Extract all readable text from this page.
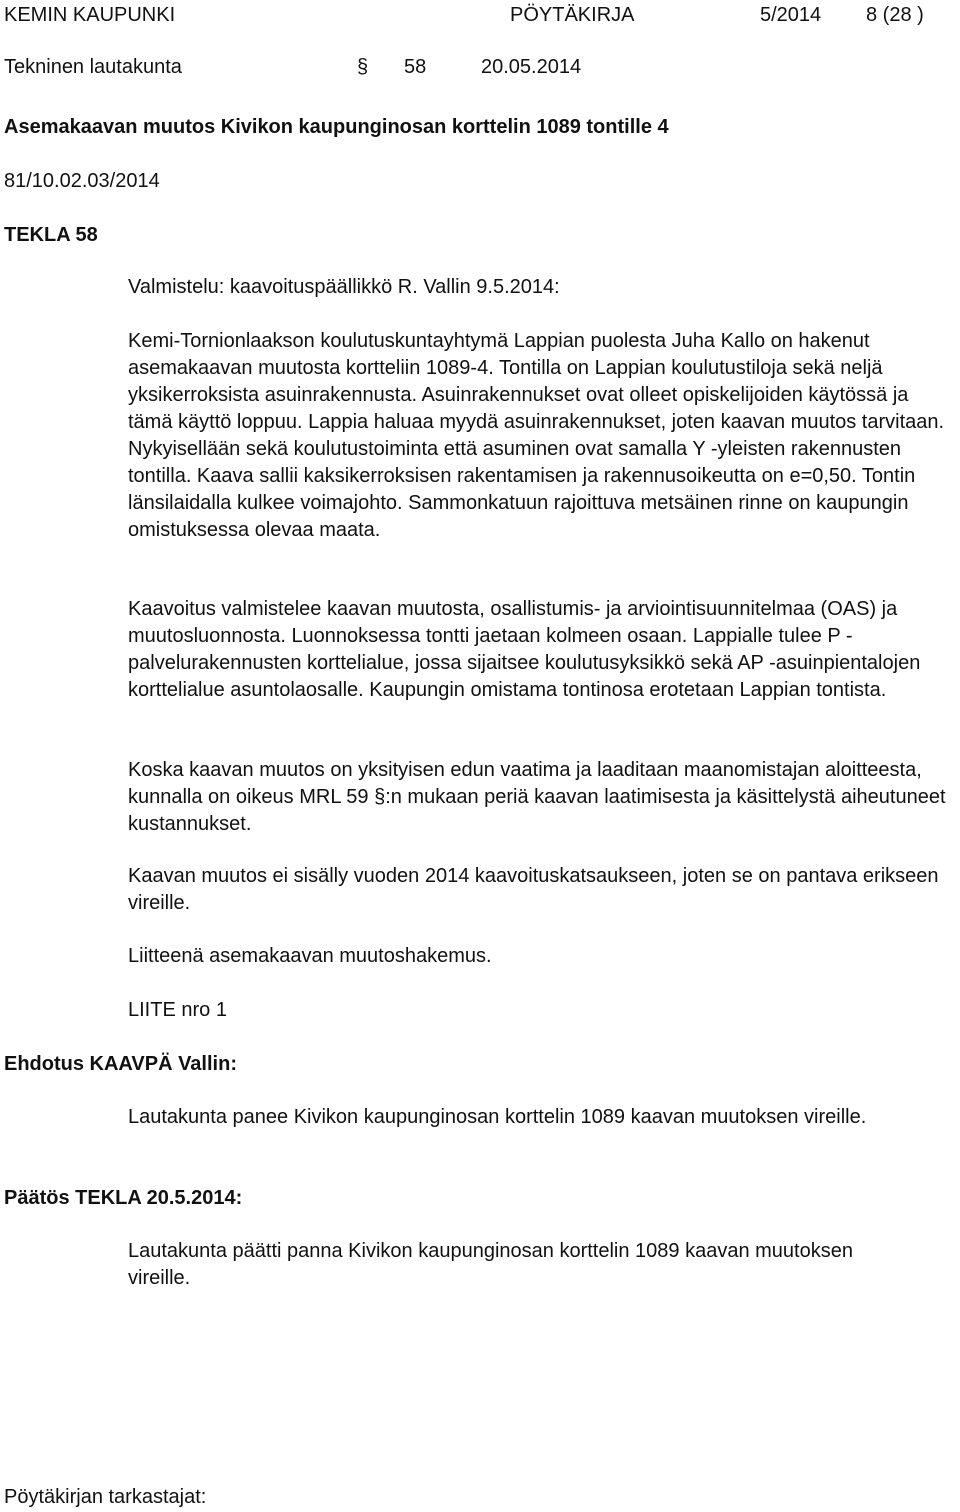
KEMIN KAUPUNKI	PÖYTÄKIRJA	5/2014 8 (28 )
Tekninen lautakunta	§ 58	20.05.2014
Asemakaavan muutos Kivikon kaupunginosan korttelin 1089 tontille 4
81/10.02.03/2014
TEKLA 58
Valmistelu: kaavoituspäällikkö R. Vallin 9.5.2014:

Kemi-Tornionlaakson koulutuskuntayhtymä Lappian puolesta Juha Kallo on hakenut asemakaavan muutosta kortteliin 1089-4. Tontilla on Lappian koulutustiloja sekä neljä yksikerroksista asuinrakennusta. Asuinrakennukset ovat olleet opiskelijoiden käytössä ja tämä käyttö loppuu. Lappia haluaa myydä asuinrakennukset, joten kaavan muutos tarvitaan. Nykyisellään sekä koulutustoiminta että asuminen ovat samalla Y -yleisten rakennusten tontilla. Kaava sallii kaksikerroksisen rakentamisen ja rakennusoikeutta on e=0,50. Tontin länsilaidalla kulkee voimajohto. Sammonkatuun rajoittuva metsäinen rinne on kaupungin omistuksessa olevaa maata.

Kaavoitus valmistelee kaavan muutosta, osallistumis- ja arviointisuunnitelmaa (OAS) ja muutosluonnosta. Luonnoksessa tontti jaetaan kolmeen osaan. Lappialle tulee P -palvelurakennusten korttelialue, jossa sijaitsee koulutusyksikkö sekä AP -asuinpientalojen korttelialue asuntolaosalle. Kaupungin omistama tontinosa erotetaan Lappian tontista.

Koska kaavan muutos on yksityisen edun vaatima ja laaditaan maanomistajan aloitteesta, kunnalla on oikeus MRL 59 §:n mukaan periä kaavan laatimisesta ja käsittelystä aiheutuneet kustannukset.

Kaavan muutos ei sisälly vuoden 2014 kaavoituskatsaukseen, joten se on pantava erikseen vireille.

Liitteenä asemakaavan muutoshakemus.
LIITE nro 1
Ehdotus KAAVPÄ Vallin:

Lautakunta panee Kivikon kaupunginosan korttelin 1089 kaavan muutoksen vireille.

Päätös TEKLA 20.5.2014:

Lautakunta päätti panna Kivikon kaupunginosan korttelin 1089 kaavan muutoksen vireille.

Pöytäkirjan tarkastajat:
